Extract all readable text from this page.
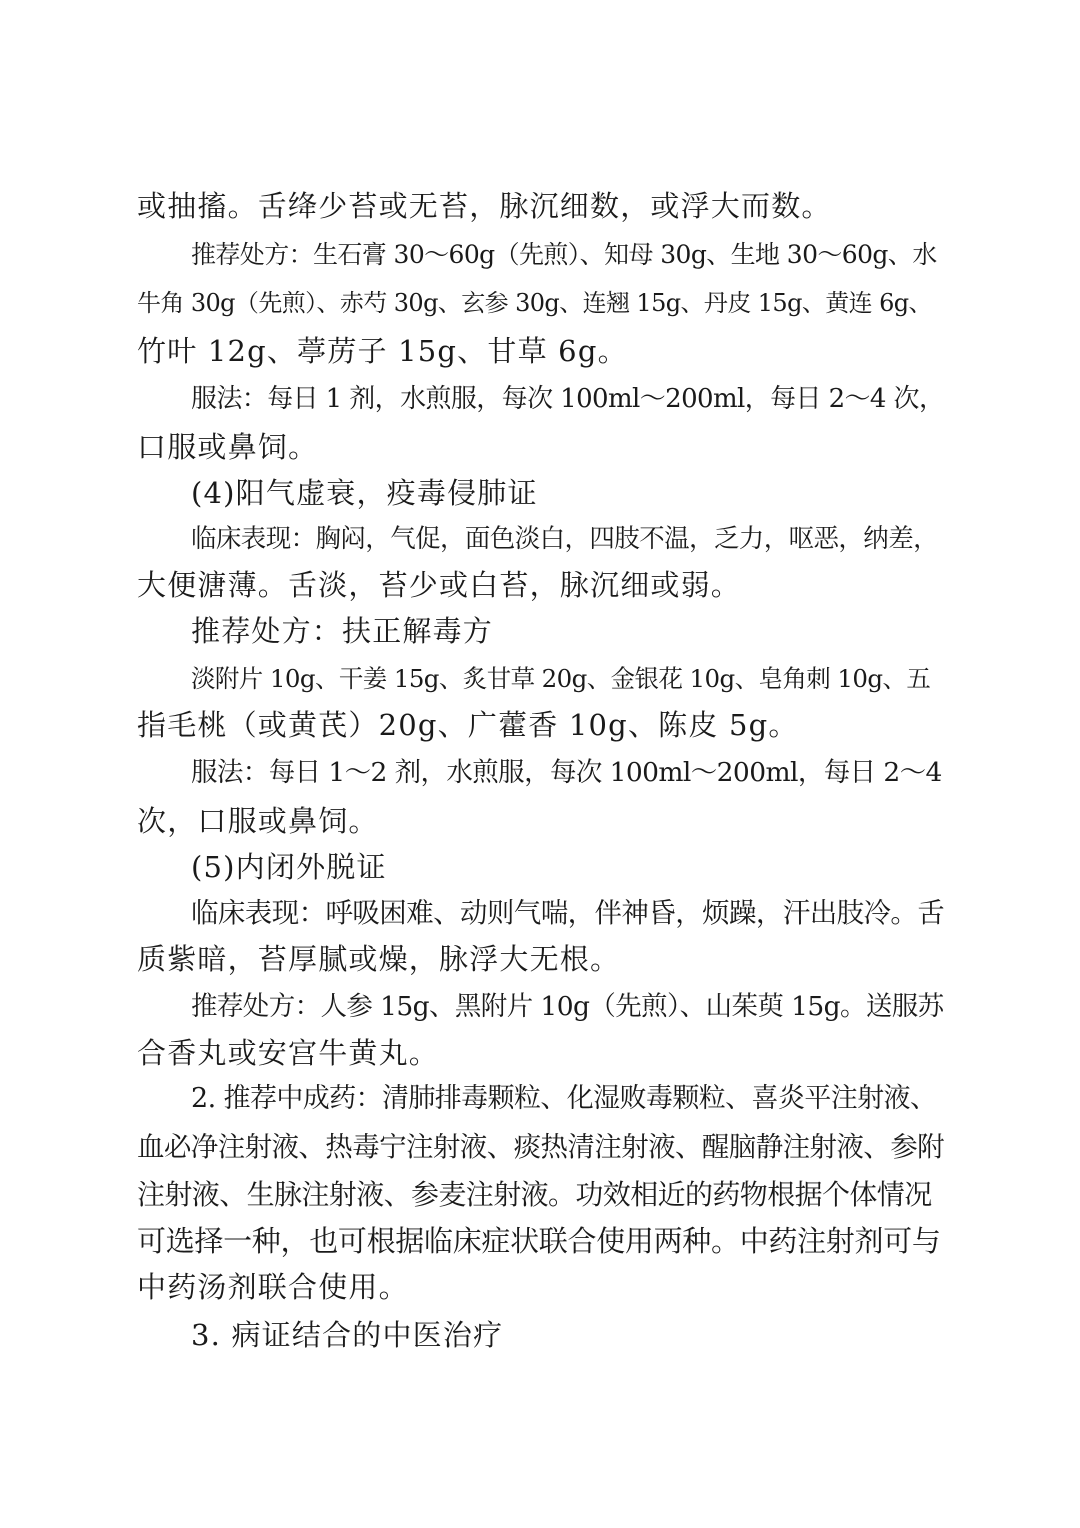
或抽搐。舌绛少苔或无苔，脉沉细数，或浮大而数。
推荐处方：生石膏 30～60g（先煎）、知母 30g、生地 30～60g、水
牛角 30g（先煎）、赤芍 30g、玄参 30g、连翘 15g、丹皮 15g、黄连 6g、
竹叶 12g、葶苈子 15g、甘草 6g。
服法：每日 1 剂，水煎服，每次 100ml～200ml，每日 2～4 次，
口服或鼻饲。
(4)阳气虚衰，疫毒侵肺证
临床表现：胸闷，气促，面色淡白，四肢不温，乏力，呕恶，纳差，
大便溏薄。舌淡，苔少或白苔，脉沉细或弱。
推荐处方：扶正解毒方
淡附片 10g、干姜 15g、炙甘草 20g、金银花 10g、皂角刺 10g、五
指毛桃（或黄芪）20g、广藿香 10g、陈皮 5g。
服法：每日 1～2 剂，水煎服，每次 100ml～200ml，每日 2～4
次，口服或鼻饲。
(5)内闭外脱证
临床表现：呼吸困难、动则气喘，伴神昏，烦躁，汗出肢冷。舌
质紫暗，苔厚腻或燥，脉浮大无根。
推荐处方：人参 15g、黑附片 10g（先煎）、山茱萸 15g。送服苏
合香丸或安宫牛黄丸。
2. 推荐中成药：清肺排毒颗粒、化湿败毒颗粒、喜炎平注射液、
血必净注射液、热毒宁注射液、痰热清注射液、醒脑静注射液、参附
注射液、生脉注射液、参麦注射液。功效相近的药物根据个体情况
可选择一种，也可根据临床症状联合使用两种。中药注射剂可与
中药汤剂联合使用。
3. 病证结合的中医治疗
